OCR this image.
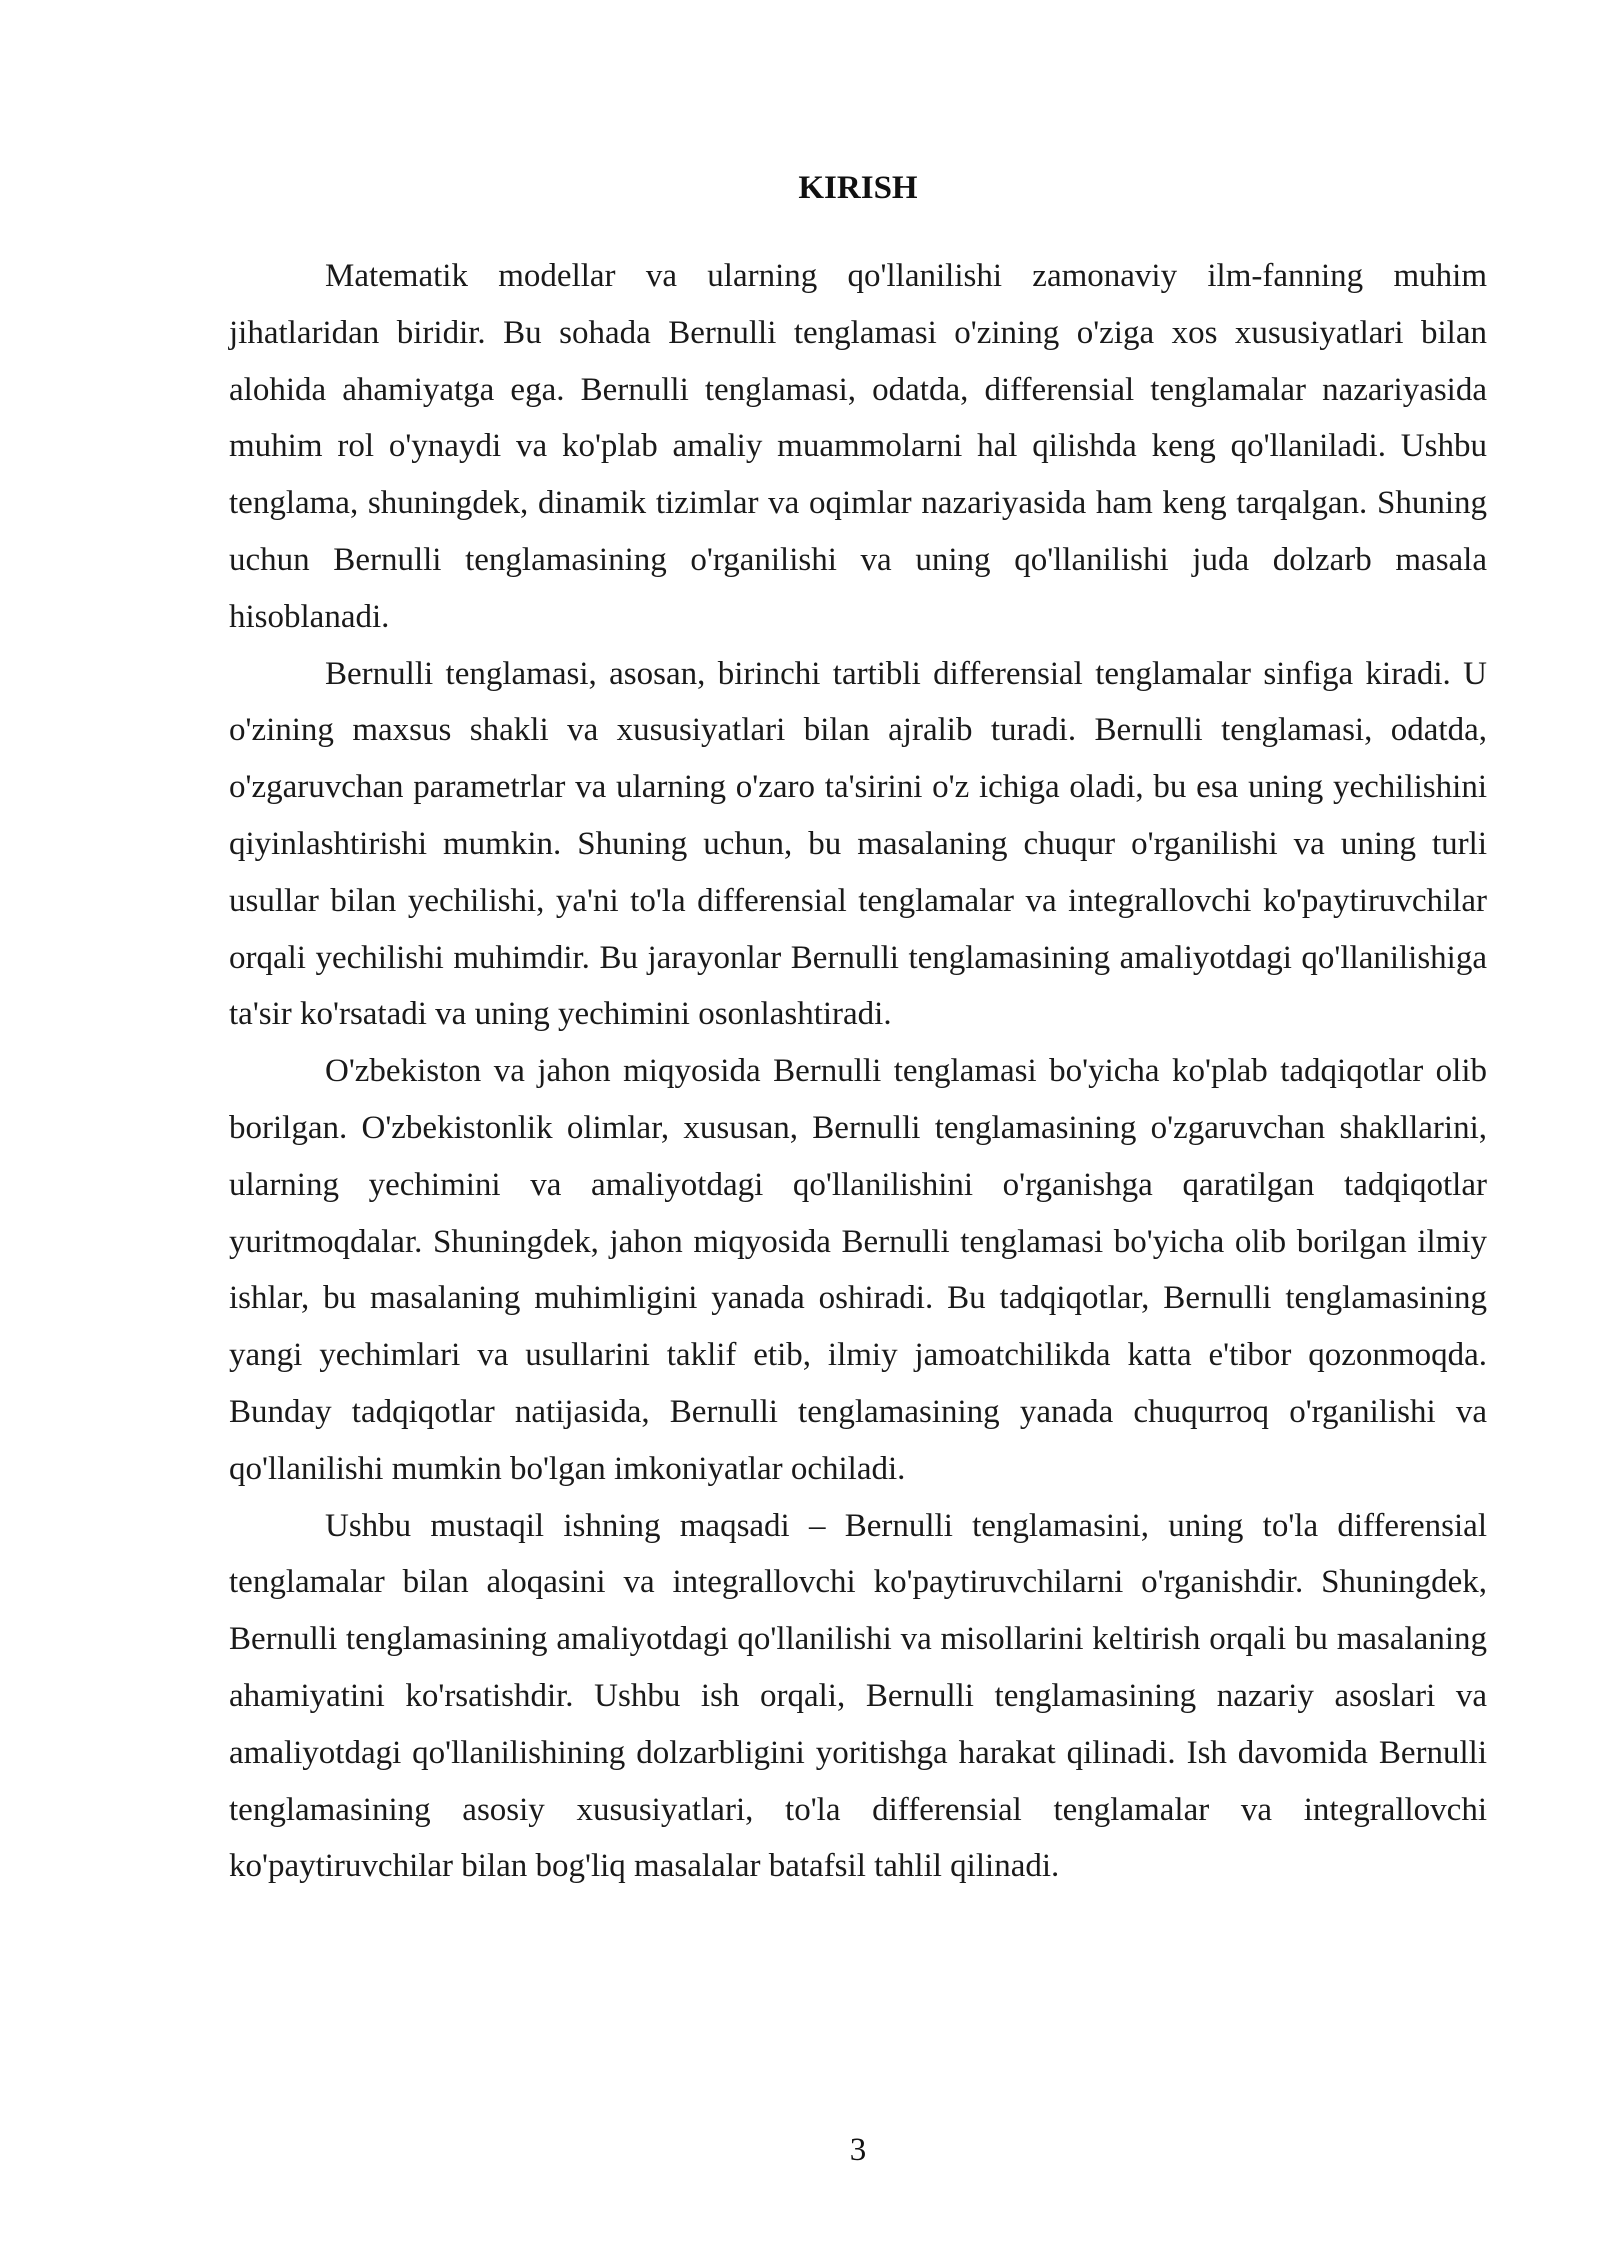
KIRISH

Matematik modellar va ularning qo'llanilishi zamonaviy ilm-fanning muhim jihatlaridan biridir. Bu sohada Bernulli tenglamasi o'zining o'ziga xos xususiyatlari bilan alohida ahamiyatga ega. Bernulli tenglamasi, odatda, differensial tenglamalar nazariyasida muhim rol o'ynaydi va ko'plab amaliy muammolarni hal qilishda keng qo'llaniladi. Ushbu tenglama, shuningdek, dinamik tizimlar va oqimlar nazariyasida ham keng tarqalgan. Shuning uchun Bernulli tenglamasining o'rganilishi va uning qo'llanilishi juda dolzarb masala hisoblanadi.

Bernulli tenglamasi, asosan, birinchi tartibli differensial tenglamalar sinfiga kiradi. U o'zining maxsus shakli va xususiyatlari bilan ajralib turadi. Bernulli tenglamasi, odatda, o'zgaruvchan parametrlar va ularning o'zaro ta'sirini o'z ichiga oladi, bu esa uning yechilishini qiyinlashtirishi mumkin. Shuning uchun, bu masalaning chuqur o'rganilishi va uning turli usullar bilan yechilishi, ya'ni to'la differensial tenglamalar va integrallovchi ko'paytiruvchilar orqali yechilishi muhimdir. Bu jarayonlar Bernulli tenglamasining amaliyotdagi qo'llanilishiga ta'sir ko'rsatadi va uning yechimini osonlashtiradi.

O'zbekiston va jahon miqyosida Bernulli tenglamasi bo'yicha ko'plab tadqiqotlar olib borilgan. O'zbekistonlik olimlar, xususan, Bernulli tenglamasining o'zgaruvchan shakllarini, ularning yechimini va amaliyotdagi qo'llanilishini o'rganishga qaratilgan tadqiqotlar yuritmoqdalar. Shuningdek, jahon miqyosida Bernulli tenglamasi bo'yicha olib borilgan ilmiy ishlar, bu masalaning muhimligini yanada oshiradi. Bu tadqiqotlar, Bernulli tenglamasining yangi yechimlari va usullarini taklif etib, ilmiy jamoatchilikda katta e'tibor qozonmoqda. Bunday tadqiqotlar natijasida, Bernulli tenglamasining yanada chuqurroq o'rganilishi va qo'llanilishi mumkin bo'lgan imkoniyatlar ochiladi.

Ushbu mustaqil ishning maqsadi – Bernulli tenglamasini, uning to'la differensial tenglamalar bilan aloqasini va integrallovchi ko'paytiruvchilarni o'rganishdir. Shuningdek, Bernulli tenglamasining amaliyotdagi qo'llanilishi va misollarini keltirish orqali bu masalaning ahamiyatini ko'rsatishdir. Ushbu ish orqali, Bernulli tenglamasining nazariy asoslari va amaliyotdagi qo'llanilishining dolzarbligini yoritishga harakat qilinadi. Ish davomida Bernulli tenglamasining asosiy xususiyatlari, to'la differensial tenglamalar va integrallovchi ko'paytiruvchilar bilan bog'liq masalalar batafsil tahlil qilinadi.

3
